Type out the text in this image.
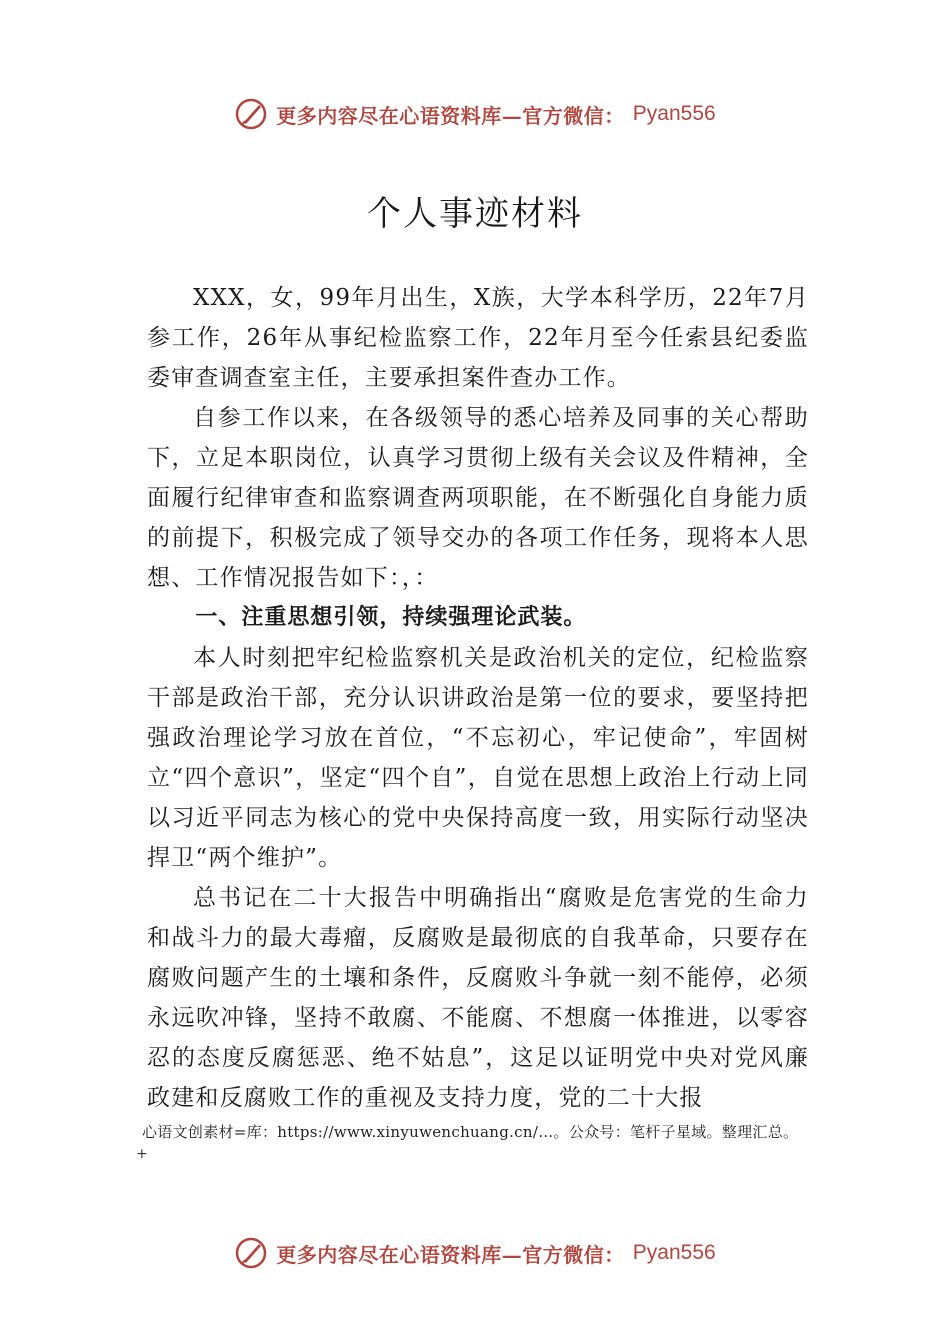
更多内容尽在心语资料库—官方微信： Pyan556
个人事迹材料

XXX，女，99年月出生，X族，大学本科学历，22年7月参工作，26年从事纪检监察工作，22年月至今任索县纪委监委审查调查室主任，主要承担案件查办工作。

自参工作以来，在各级领导的悉心培养及同事的关心帮助下，立足本职岗位，认真学习贯彻上级有关会议及件精神，全面履行纪律审查和监察调查两项职能，在不断强化自身能力质的前提下，积极完成了领导交办的各项工作任务，现将本人思想、工作情况报告如下：，：

一、注重思想引领，持续强理论武装。

本人时刻把牢纪检监察机关是政治机关的定位，纪检监察干部是政治干部，充分认识讲政治是第一位的要求，要坚持把强政治理论学习放在首位，“不忘初心，牢记使命”，牢固树立“四个意识”，坚定“四个自”，自觉在思想上政治上行动上同以习近平同志为核心的党中央保持高度一致，用实际行动坚决捍卫“两个维护”。

总书记在二十大报告中明确指出“腐败是危害党的生命力和战斗力的最大毒瘤，反腐败是最彻底的自我革命，只要存在腐败问题产生的土壤和条件，反腐败斗争就一刻不能停，必须永远吹冲锋，坚持不敢腐、不能腐、不想腐一体推进，以零容忍的态度反腐惩恶、绝不姑息”，这足以证明党中央对党风廉政建和反腐败工作的重视及支持力度，党的二十大报

心语文创素材=库：https://www.xinyuwenchuang.cn/…。公众号：笔杆子星域。整理汇总。
+
更多内容尽在心语资料库—官方微信： Pyan556
